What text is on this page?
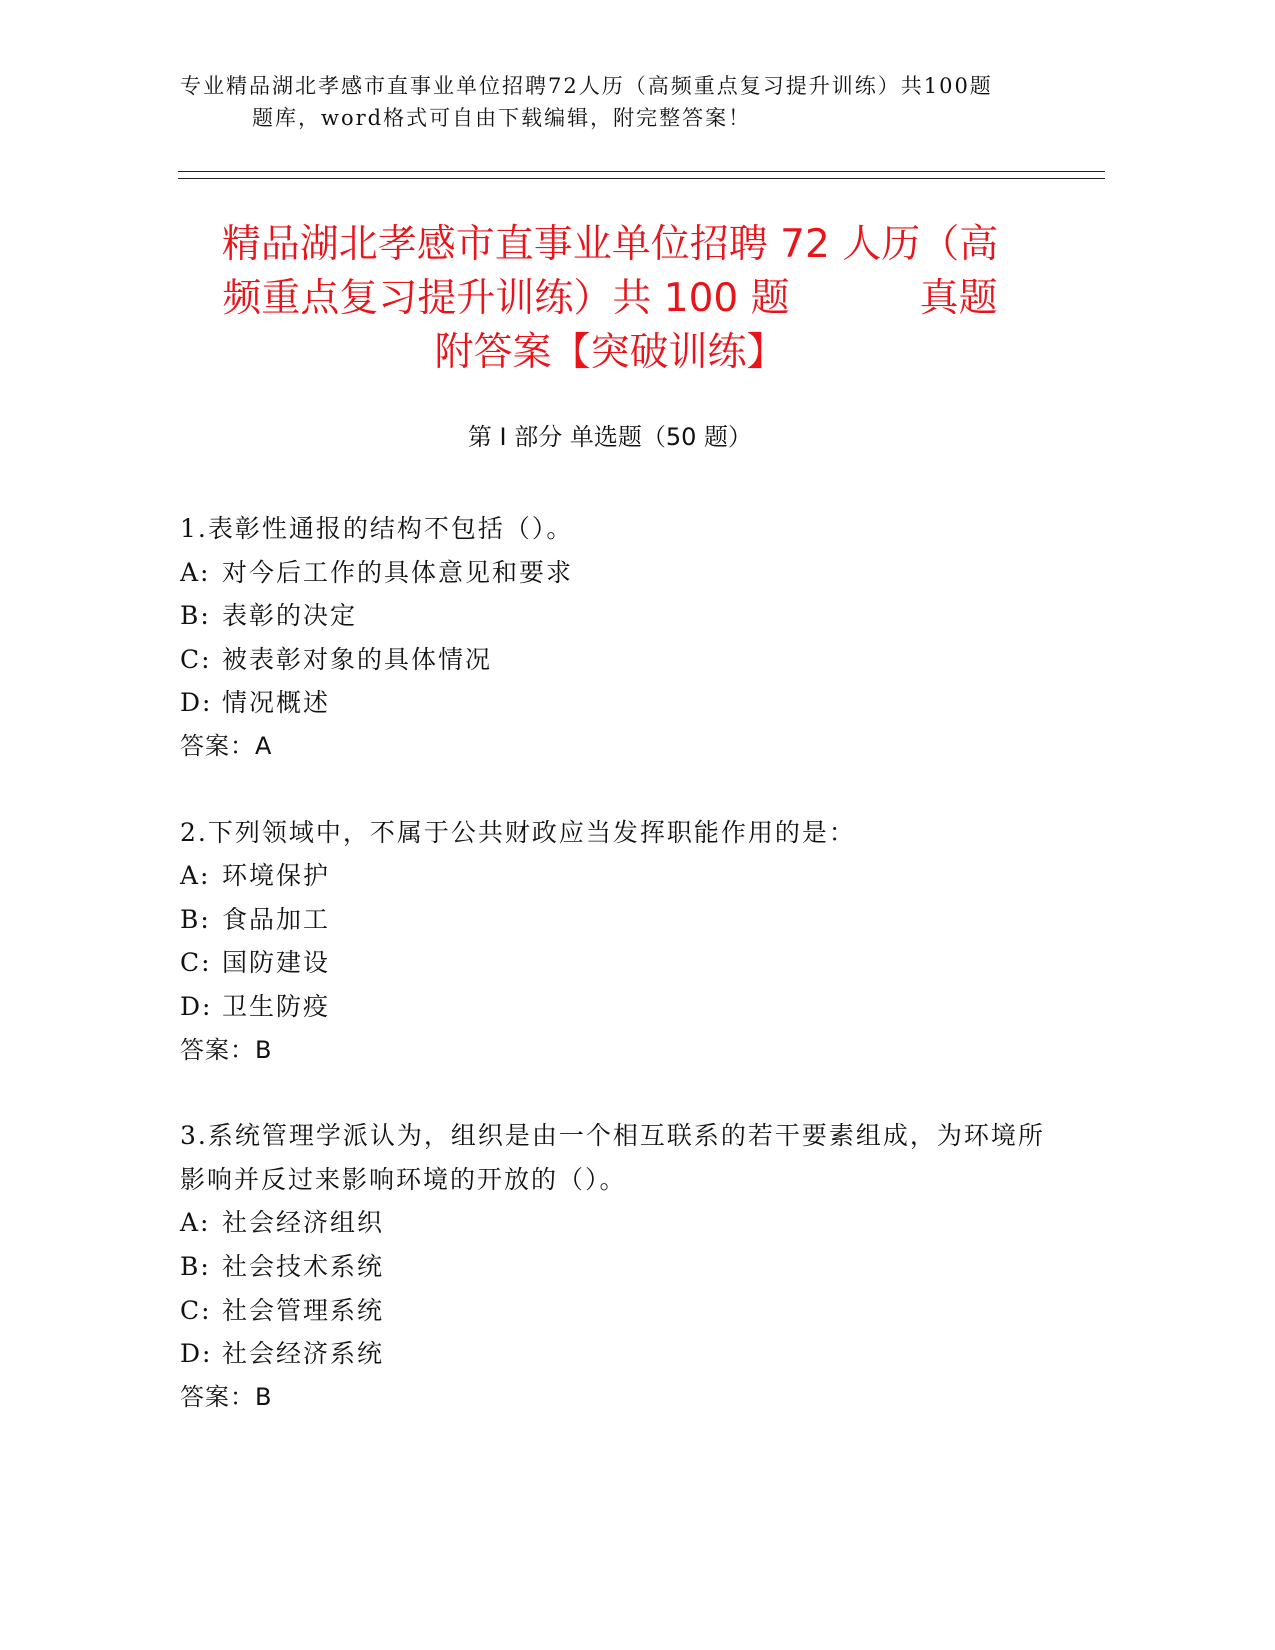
专业精品湖北孝感市直事业单位招聘72人历（高频重点复习提升训练）共100题
题库，word格式可自由下载编辑，附完整答案！
精品湖北孝感市直事业单位招聘 72 人历（高
频重点复习提升训练）共 100 题	真题
附答案【突破训练】
第 I 部分 单选题（50 题）
1.表彰性通报的结构不包括（）。
A: 对今后工作的具体意见和要求
B: 表彰的决定
C: 被表彰对象的具体情况
D: 情况概述
答案：A
2.下列领域中，不属于公共财政应当发挥职能作用的是：
A: 环境保护
B: 食品加工
C: 国防建设
D: 卫生防疫
答案：B
3.系统管理学派认为，组织是由一个相互联系的若干要素组成，为环境所影响并反过来影响环境的开放的（）。
A: 社会经济组织
B: 社会技术系统
C: 社会管理系统
D: 社会经济系统
答案：B
